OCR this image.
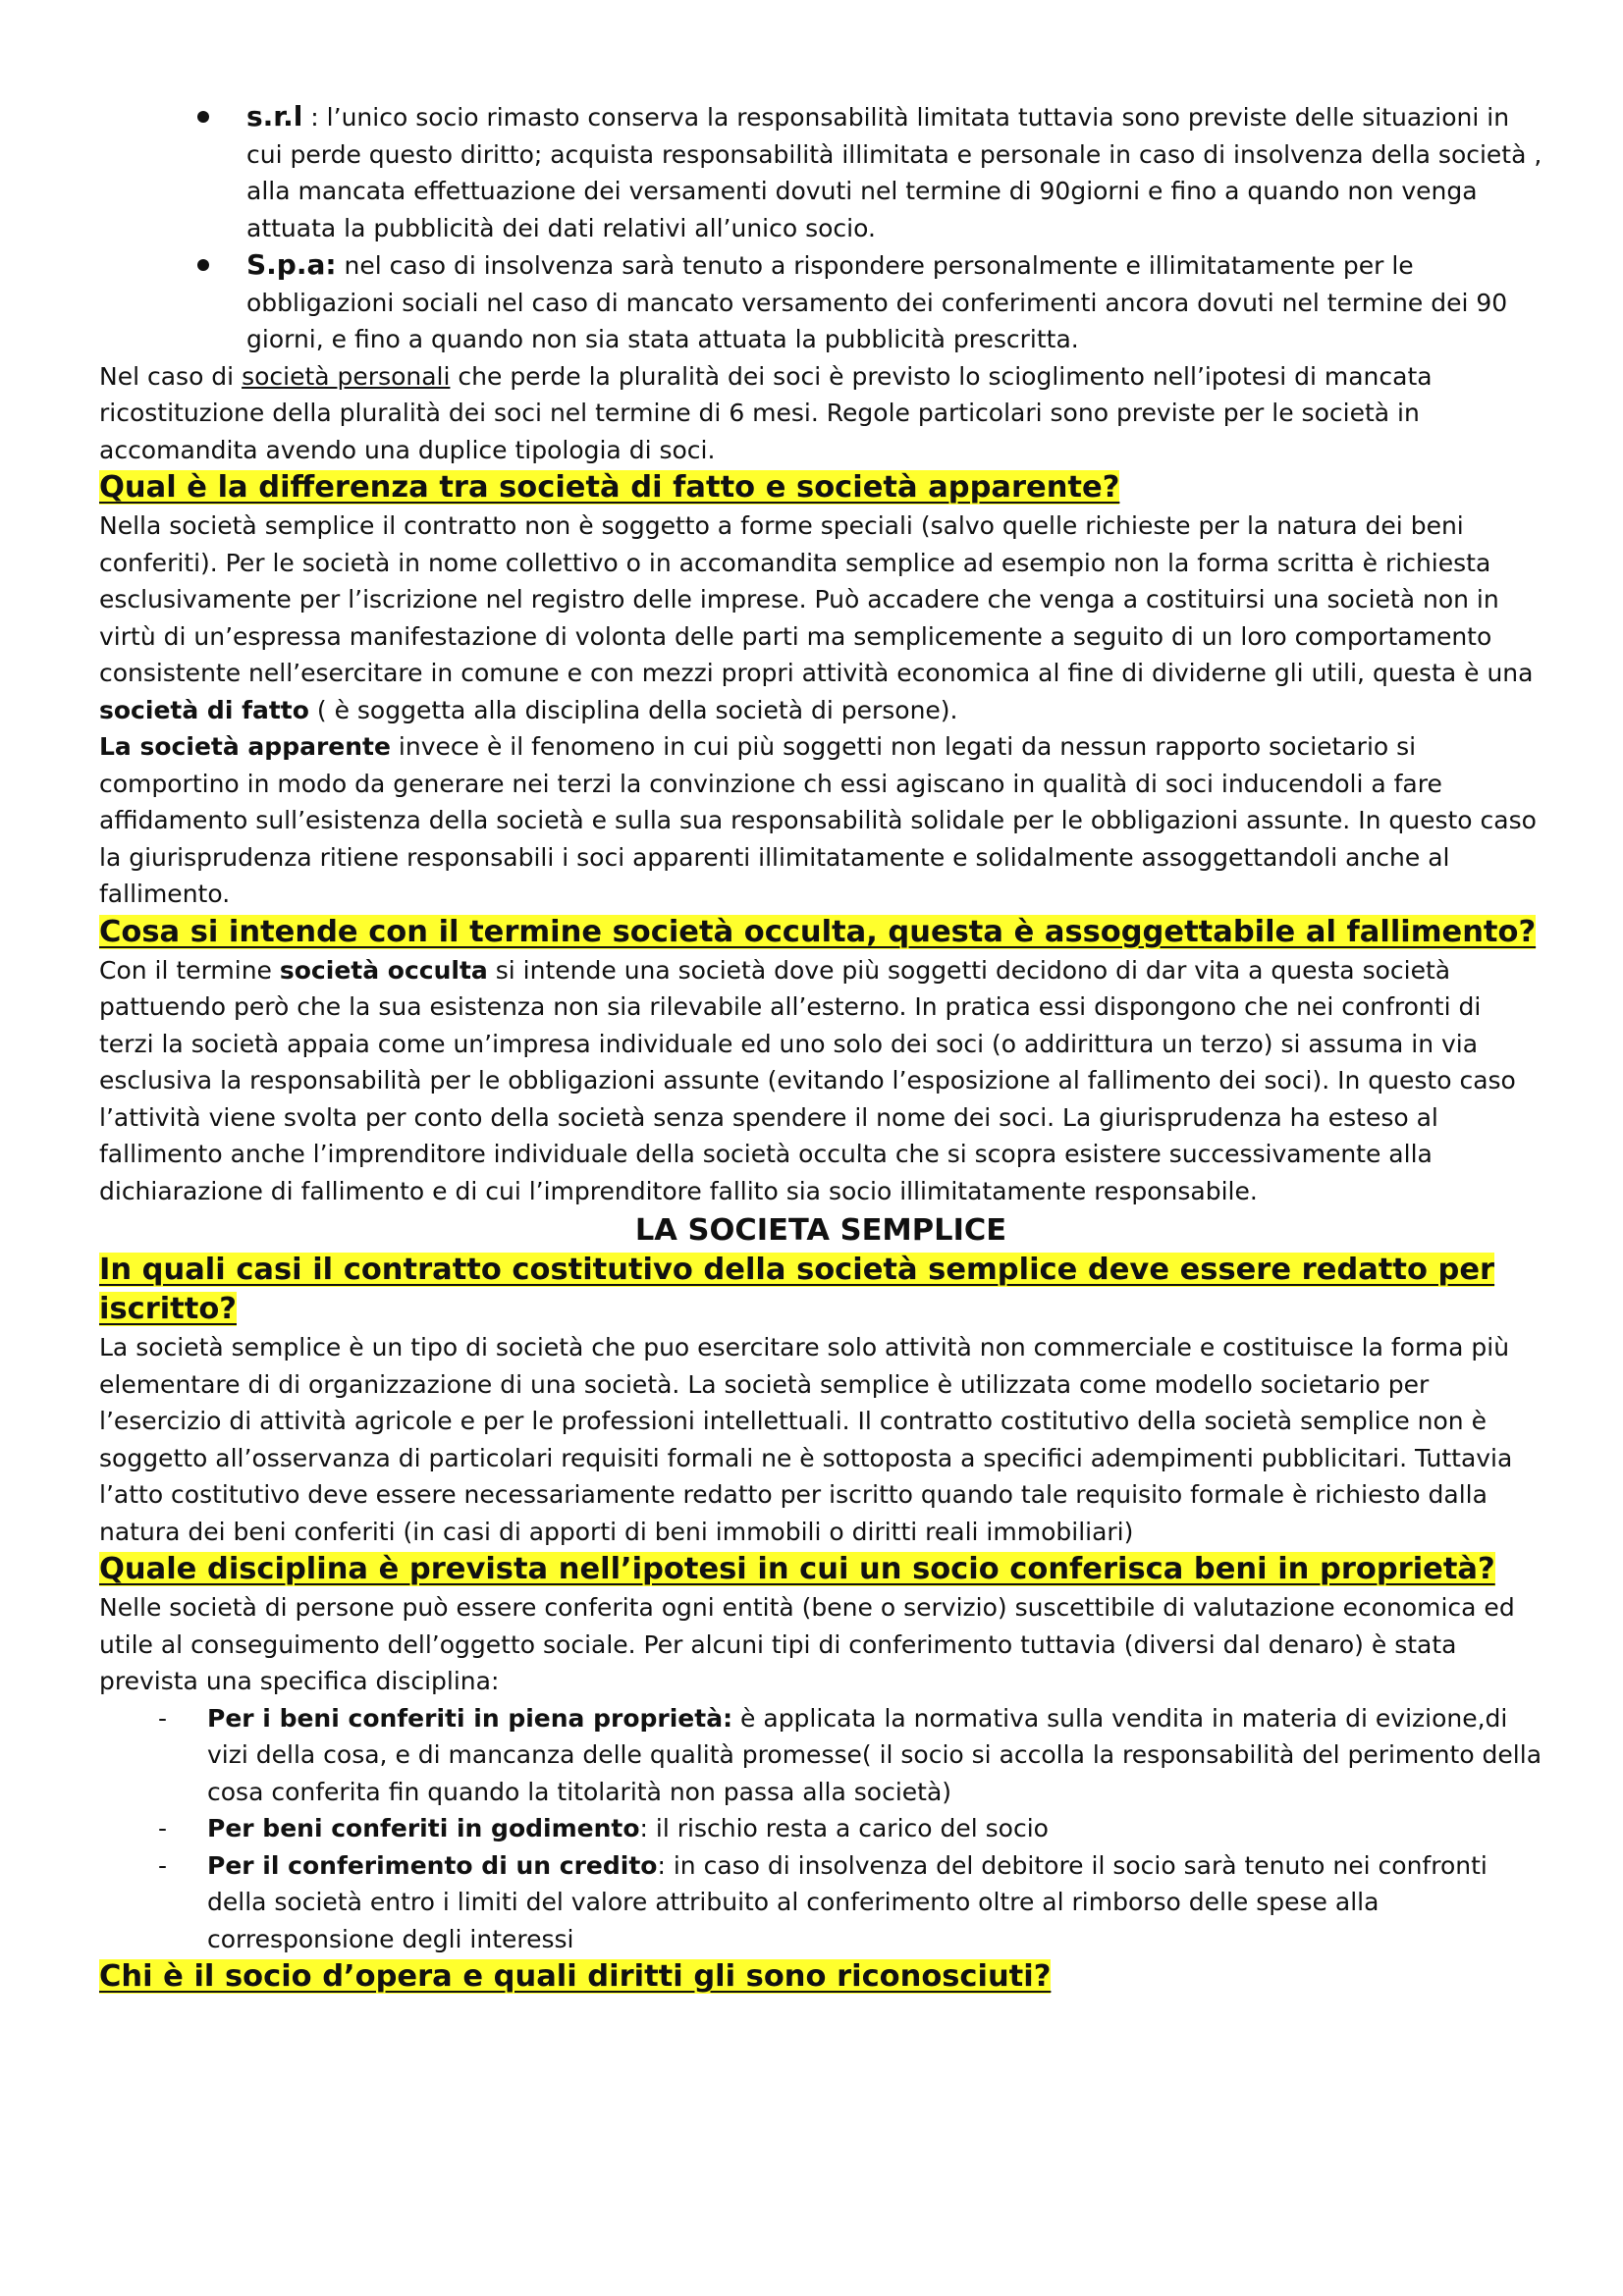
s.r.l : l’unico socio rimasto conserva la responsabilità limitata tuttavia sono previste delle situazioni in cui perde questo diritto; acquista responsabilità illimitata e personale in caso di insolvenza della società , alla mancata effettuazione dei versamenti dovuti nel termine di 90giorni e fino a quando non venga attuata la pubblicità dei dati relativi all’unico socio.
S.p.a: nel caso di insolvenza sarà tenuto a rispondere personalmente e illimitatamente per le obbligazioni sociali nel caso di mancato versamento dei conferimenti ancora dovuti nel termine dei 90 giorni, e fino a quando non sia stata attuata la pubblicità prescritta.

Nel caso di società personali che perde la pluralità dei soci è previsto lo scioglimento nell’ipotesi di mancata ricostituzione della pluralità dei soci nel termine di 6 mesi. Regole particolari sono previste per le società in accomandita avendo una duplice tipologia di soci.

Qual è la differenza tra società di fatto e società apparente?

Nella società semplice il contratto non è soggetto a forme speciali (salvo quelle richieste per la natura dei beni conferiti). Per le società in nome collettivo o in accomandita semplice ad esempio non la forma scritta è richiesta esclusivamente per l’iscrizione nel registro delle imprese. Può accadere che venga a costituirsi una società non in virtù di un’espressa manifestazione di volonta delle parti ma semplicemente a seguito di un loro comportamento consistente nell’esercitare in comune e con mezzi propri attività economica al fine di dividerne gli utili, questa è una società di fatto ( è soggetta alla disciplina della società di persone).

La società apparente invece è il fenomeno in cui più soggetti non legati da nessun rapporto societario si comportino in modo da generare nei terzi la convinzione ch essi agiscano in qualità di soci inducendoli a fare affidamento sull’esistenza della società e sulla sua responsabilità solidale per le obbligazioni assunte. In questo caso la giurisprudenza ritiene responsabili i soci apparenti illimitatamente e solidalmente assoggettandoli anche al fallimento.

Cosa si intende con il termine società occulta, questa è assoggettabile al fallimento?

Con il termine società occulta si intende una società dove più soggetti decidono di dar vita a questa società pattuendo però che la sua esistenza non sia rilevabile all’esterno. In pratica essi dispongono che nei confronti di terzi la società appaia come un’impresa individuale ed uno solo dei soci (o addirittura un terzo) si assuma in via esclusiva la responsabilità per le obbligazioni assunte (evitando l’esposizione al fallimento dei soci). In questo caso l’attività viene svolta per conto della società senza spendere il nome dei soci. La giurisprudenza ha esteso al fallimento anche l’imprenditore individuale della società occulta che si scopra esistere successivamente alla dichiarazione di fallimento e di cui l’imprenditore fallito sia socio illimitatamente responsabile.

LA SOCIETA SEMPLICE

In quali casi il contratto costitutivo della società semplice deve essere redatto per iscritto?

La società semplice è un tipo di società che puo esercitare solo attività non commerciale e costituisce la forma più elementare di di organizzazione di una società. La società semplice è utilizzata come modello societario per l’esercizio di attività agricole e per le professioni intellettuali. Il contratto costitutivo della società semplice non è soggetto all’osservanza di particolari requisiti formali ne è sottoposta a specifici adempimenti pubblicitari. Tuttavia l’atto costitutivo deve essere necessariamente redatto per iscritto quando tale requisito formale è richiesto dalla natura dei beni conferiti (in casi di apporti di beni immobili o diritti reali immobiliari)

Quale disciplina è prevista nell’ipotesi in cui un socio conferisca beni in proprietà?

Nelle società di persone può essere conferita ogni entità (bene o servizio) suscettibile di valutazione economica ed utile al conseguimento dell’oggetto sociale. Per alcuni tipi di conferimento tuttavia (diversi dal denaro) è stata prevista una specifica disciplina:

- Per i beni conferiti in piena proprietà: è applicata la normativa sulla vendita in materia di evizione,di vizi della cosa, e di mancanza delle qualità promesse( il socio si accolla la responsabilità del perimento della cosa conferita fin quando la titolarità non passa alla società)
- Per beni conferiti in godimento: il rischio resta a carico del socio
- Per il conferimento di un credito: in caso di insolvenza del debitore il socio sarà tenuto nei confronti della società entro i limiti del valore attribuito al conferimento oltre al rimborso delle spese alla corresponsione degli interessi

Chi è il socio d’opera e quali diritti gli sono riconosciuti?
